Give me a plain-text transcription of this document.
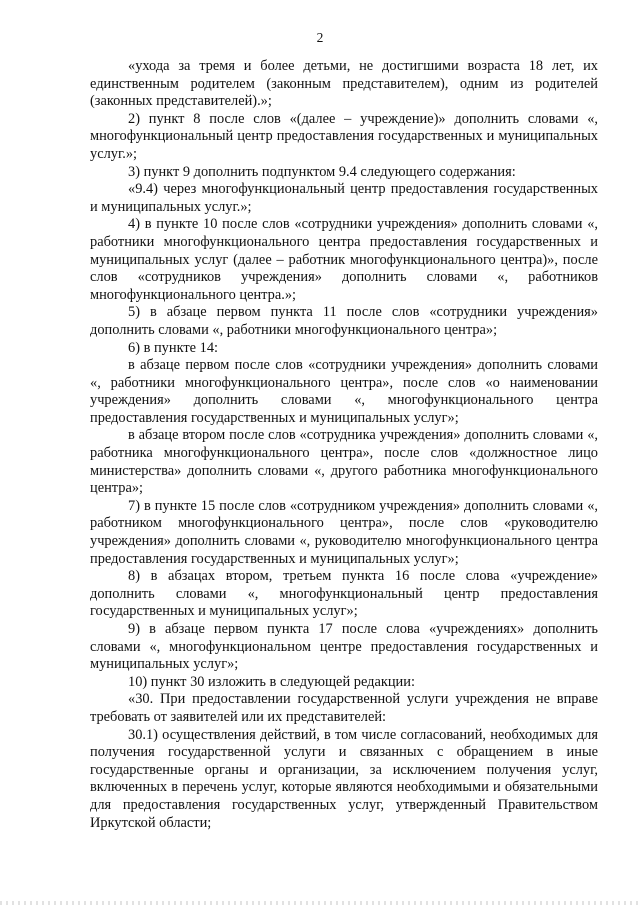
2

«ухода за тремя и более детьми, не достигшими возраста 18 лет, их единственным родителем (законным представителем), одним из родителей (законных представителей).»;

2) пункт 8 после слов «(далее – учреждение)» дополнить словами «, многофункциональный центр предоставления государственных и муниципальных услуг.»;

3) пункт 9 дополнить подпунктом 9.4 следующего содержания:

«9.4) через многофункциональный центр предоставления государственных и муниципальных услуг.»;

4) в пункте 10 после слов «сотрудники учреждения» дополнить словами «, работники многофункционального центра предоставления государственных и муниципальных услуг (далее – работник многофункционального центра)», после слов «сотрудников учреждения» дополнить словами «, работников многофункционального центра.»;

5) в абзаце первом пункта 11 после слов «сотрудники учреждения» дополнить словами «, работники многофункционального центра»;

6) в пункте 14:

в абзаце первом после слов «сотрудники учреждения» дополнить словами «, работники многофункционального центра», после слов «о наименовании учреждения» дополнить словами «, многофункционального центра предоставления государственных и муниципальных услуг»;

в абзаце втором после слов «сотрудника учреждения» дополнить словами «, работника многофункционального центра», после слов «должностное лицо министерства» дополнить словами «, другого работника многофункционального центра»;

7) в пункте 15 после слов «сотрудником учреждения» дополнить словами «, работником многофункционального центра», после слов «руководителю учреждения» дополнить словами «, руководителю многофункционального центра предоставления государственных и муниципальных услуг»;

8) в абзацах втором, третьем пункта 16 после слова «учреждение» дополнить словами «, многофункциональный центр предоставления государственных и муниципальных услуг»;

9) в абзаце первом пункта 17 после слова «учреждениях» дополнить словами «, многофункциональном центре предоставления государственных и муниципальных услуг»;

10) пункт 30 изложить в следующей редакции:

«30. При предоставлении государственной услуги учреждения не вправе требовать от заявителей или их представителей:

30.1) осуществления действий, в том числе согласований, необходимых для получения государственной услуги и связанных с обращением в иные государственные органы и организации, за исключением получения услуг, включенных в перечень услуг, которые являются необходимыми и обязательными для предоставления государственных услуг, утвержденный Правительством Иркутской области;
